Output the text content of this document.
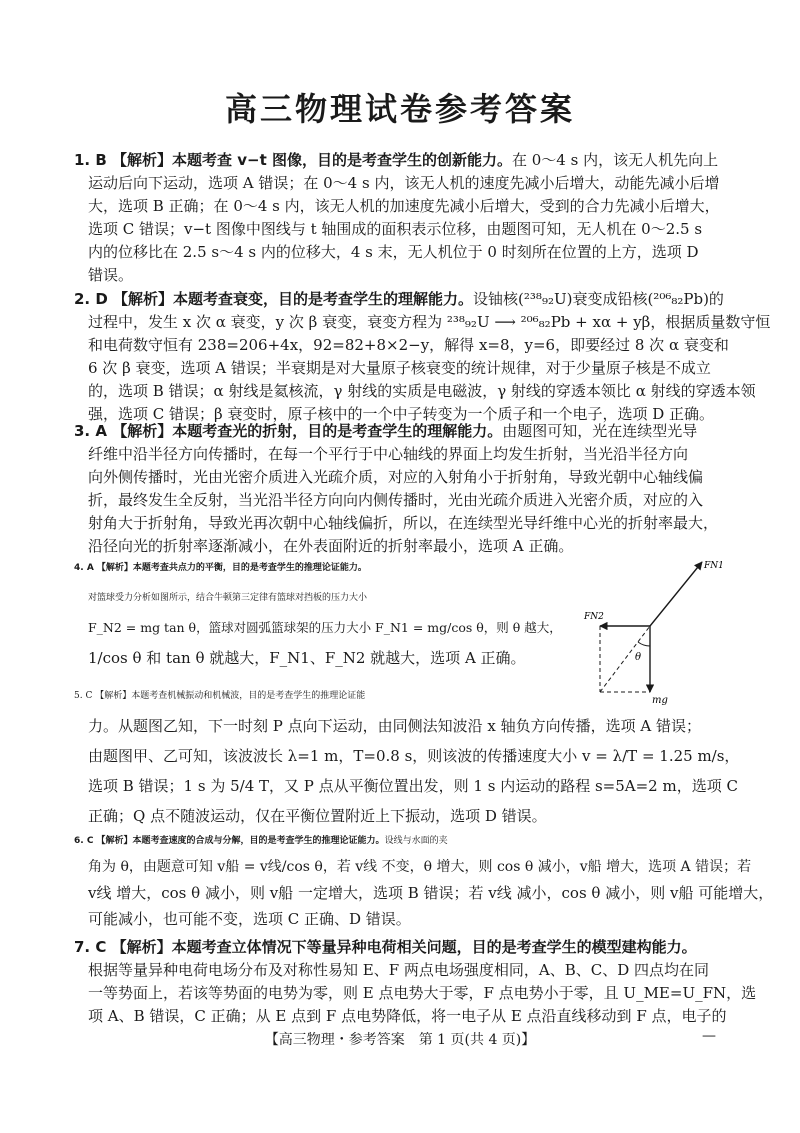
高三物理试卷参考答案
1. B 【解析】本题考查 v−t 图像，目的是考查学生的创新能力。在 0～4 s 内，该无人机先向上
运动后向下运动，选项 A 错误；在 0～4 s 内，该无人机的速度先减小后增大，动能先减小后增
大，选项 B 正确；在 0～4 s 内，该无人机的加速度先减小后增大，受到的合力先减小后增大，
选项 C 错误；v−t 图像中图线与 t 轴围成的面积表示位移，由题图可知，无人机在 0～2.5 s
内的位移比在 2.5 s～4 s 内的位移大，4 s 末，无人机位于 0 时刻所在位置的上方，选项 D
错误。
2. D 【解析】本题考查衰变，目的是考查学生的理解能力。设铀核(²³⁸₉₂U)衰变成铅核(²⁰⁶₈₂Pb)的
过程中，发生 x 次 α 衰变，y 次 β 衰变，衰变方程为 ²³⁸₉₂U ⟶ ²⁰⁶₈₂Pb + xα + yβ，根据质量数守恒
和电荷数守恒有 238=206+4x，92=82+8×2−y，解得 x=8，y=6，即要经过 8 次 α 衰变和
6 次 β 衰变，选项 A 错误；半衰期是对大量原子核衰变的统计规律，对于少量原子核是不成立
的，选项 B 错误；α 射线是氦核流，γ 射线的实质是电磁波，γ 射线的穿透本领比 α 射线的穿透本领
强，选项 C 错误；β 衰变时，原子核中的一个中子转变为一个质子和一个电子，选项 D 正确。
3. A 【解析】本题考查光的折射，目的是考查学生的理解能力。由题图可知，光在连续型光导
纤维中沿半径方向传播时，在每一个平行于中心轴线的界面上均发生折射，当光沿半径方向
向外侧传播时，光由光密介质进入光疏介质，对应的入射角小于折射角，导致光朝中心轴线偏
折，最终发生全反射，当光沿半径方向向内侧传播时，光由光疏介质进入光密介质，对应的入
射角大于折射角，导致光再次朝中心轴线偏折，所以，在连续型光导纤维中心光的折射率最大，
沿径向光的折射率逐渐减小，在外表面附近的折射率最小，选项 A 正确。
4. A 【解析】本题考查共点力的平衡，目的是考查学生的推理论证能力。
对篮球受力分析如图所示，结合牛顿第三定律有篮球对挡板的压力大小
F_N2 = mg tan θ，篮球对圆弧篮球架的压力大小 F_N1 = mg/cos θ，则 θ 越大，
1/cos θ 和 tan θ 就越大，F_N1、F_N2 就越大，选项 A 正确。
FN1
FN2
θ
mg
5. C 【解析】本题考查机械振动和机械波，目的是考查学生的推理论证能
力。从题图乙知，下一时刻 P 点向下运动，由同侧法知波沿 x 轴负方向传播，选项 A 错误；
由题图甲、乙可知，该波波长 λ=1 m，T=0.8 s，则该波的传播速度大小 v = λ/T = 1.25 m/s，
选项 B 错误；1 s 为 5/4 T，又 P 点从平衡位置出发，则 1 s 内运动的路程 s=5A=2 m，选项 C
正确；Q 点不随波运动，仅在平衡位置附近上下振动，选项 D 错误。
6. C 【解析】本题考查速度的合成与分解，目的是考查学生的推理论证能力。设线与水面的夹
角为 θ，由题意可知 v船 = v线/cos θ，若 v线 不变，θ 增大，则 cos θ 减小，v船 增大，选项 A 错误；若
v线 增大，cos θ 减小，则 v船 一定增大，选项 B 错误；若 v线 减小，cos θ 减小，则 v船 可能增大，
可能减小，也可能不变，选项 C 正确、D 错误。
7. C 【解析】本题考查立体情况下等量异种电荷相关问题，目的是考查学生的模型建构能力。
根据等量异种电荷电场分布及对称性易知 E、F 两点电场强度相同，A、B、C、D 四点均在同
一等势面上，若该等势面的电势为零，则 E 点电势大于零，F 点电势小于零，且 U_ME=U_FN，选
项 A、B 错误，C 正确；从 E 点到 F 点电势降低，将一电子从 E 点沿直线移动到 F 点，电子的
【高三物理・参考答案　第 1 页(共 4 页)】	—
